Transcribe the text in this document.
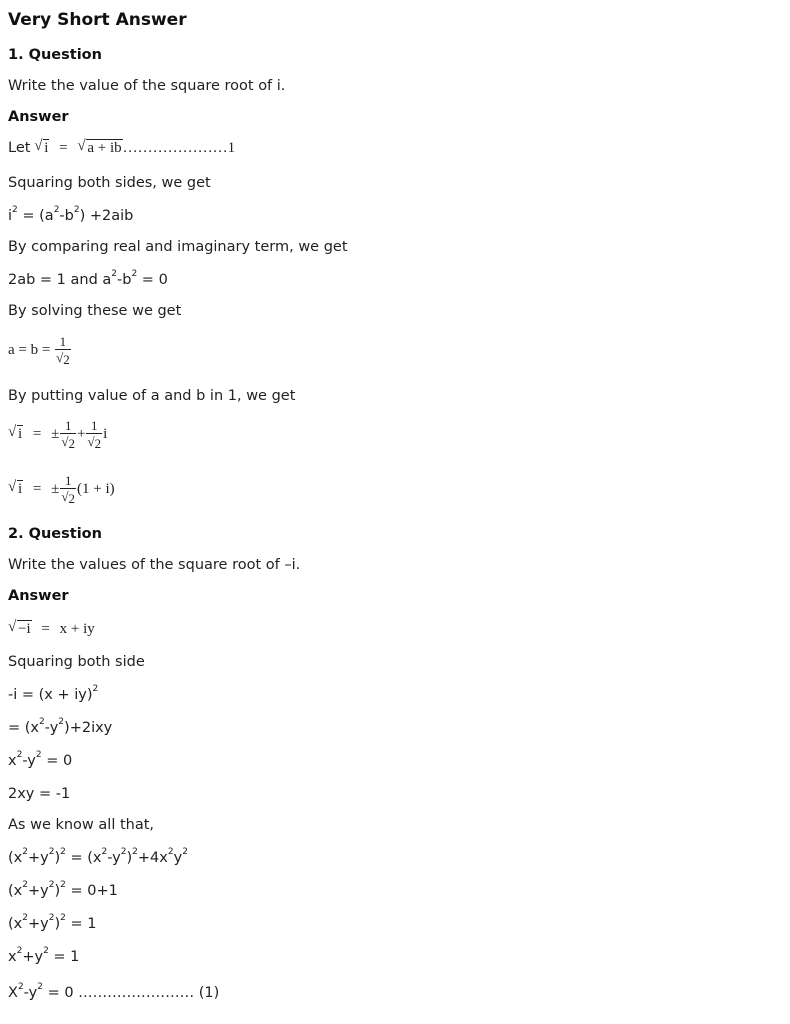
Very Short Answer
1. Question
Write the value of the square root of i.
Answer
Let √ i = √ a + ib…………………1
Squaring both sides, we get
$i^2 = (a^2-b^2) +2aib$
By comparing real and imaginary term, we get
2ab = 1 and $a^2-b^2 = 0$
By solving these we get
$a = b = \frac{1}{√2}$
By putting value of a and b in 1, we get
√ i = ± $\frac{1}{√2} + \frac{1}{√2}$ i
√ i = ± $\frac{1}{√2} (1 + i)$
2. Question
Write the values of the square root of –i.
Answer
√ −i = x + iy
Squaring both side
-i = (x + iy)$^2$
= $(x^2-y^2)+2ixy$
$x^2-y^2 = 0$
2xy = -1
As we know all that,
$(x^2+y^2)^2 = (x^2-y^2)^2+4x^2y^2$
$(x^2+y^2)^2 = 0+1$
$(x^2+y^2)^2 = 1$
$x^2+y^2 = 1$
$X^2-y^2 = 0$ …………………… (1)
